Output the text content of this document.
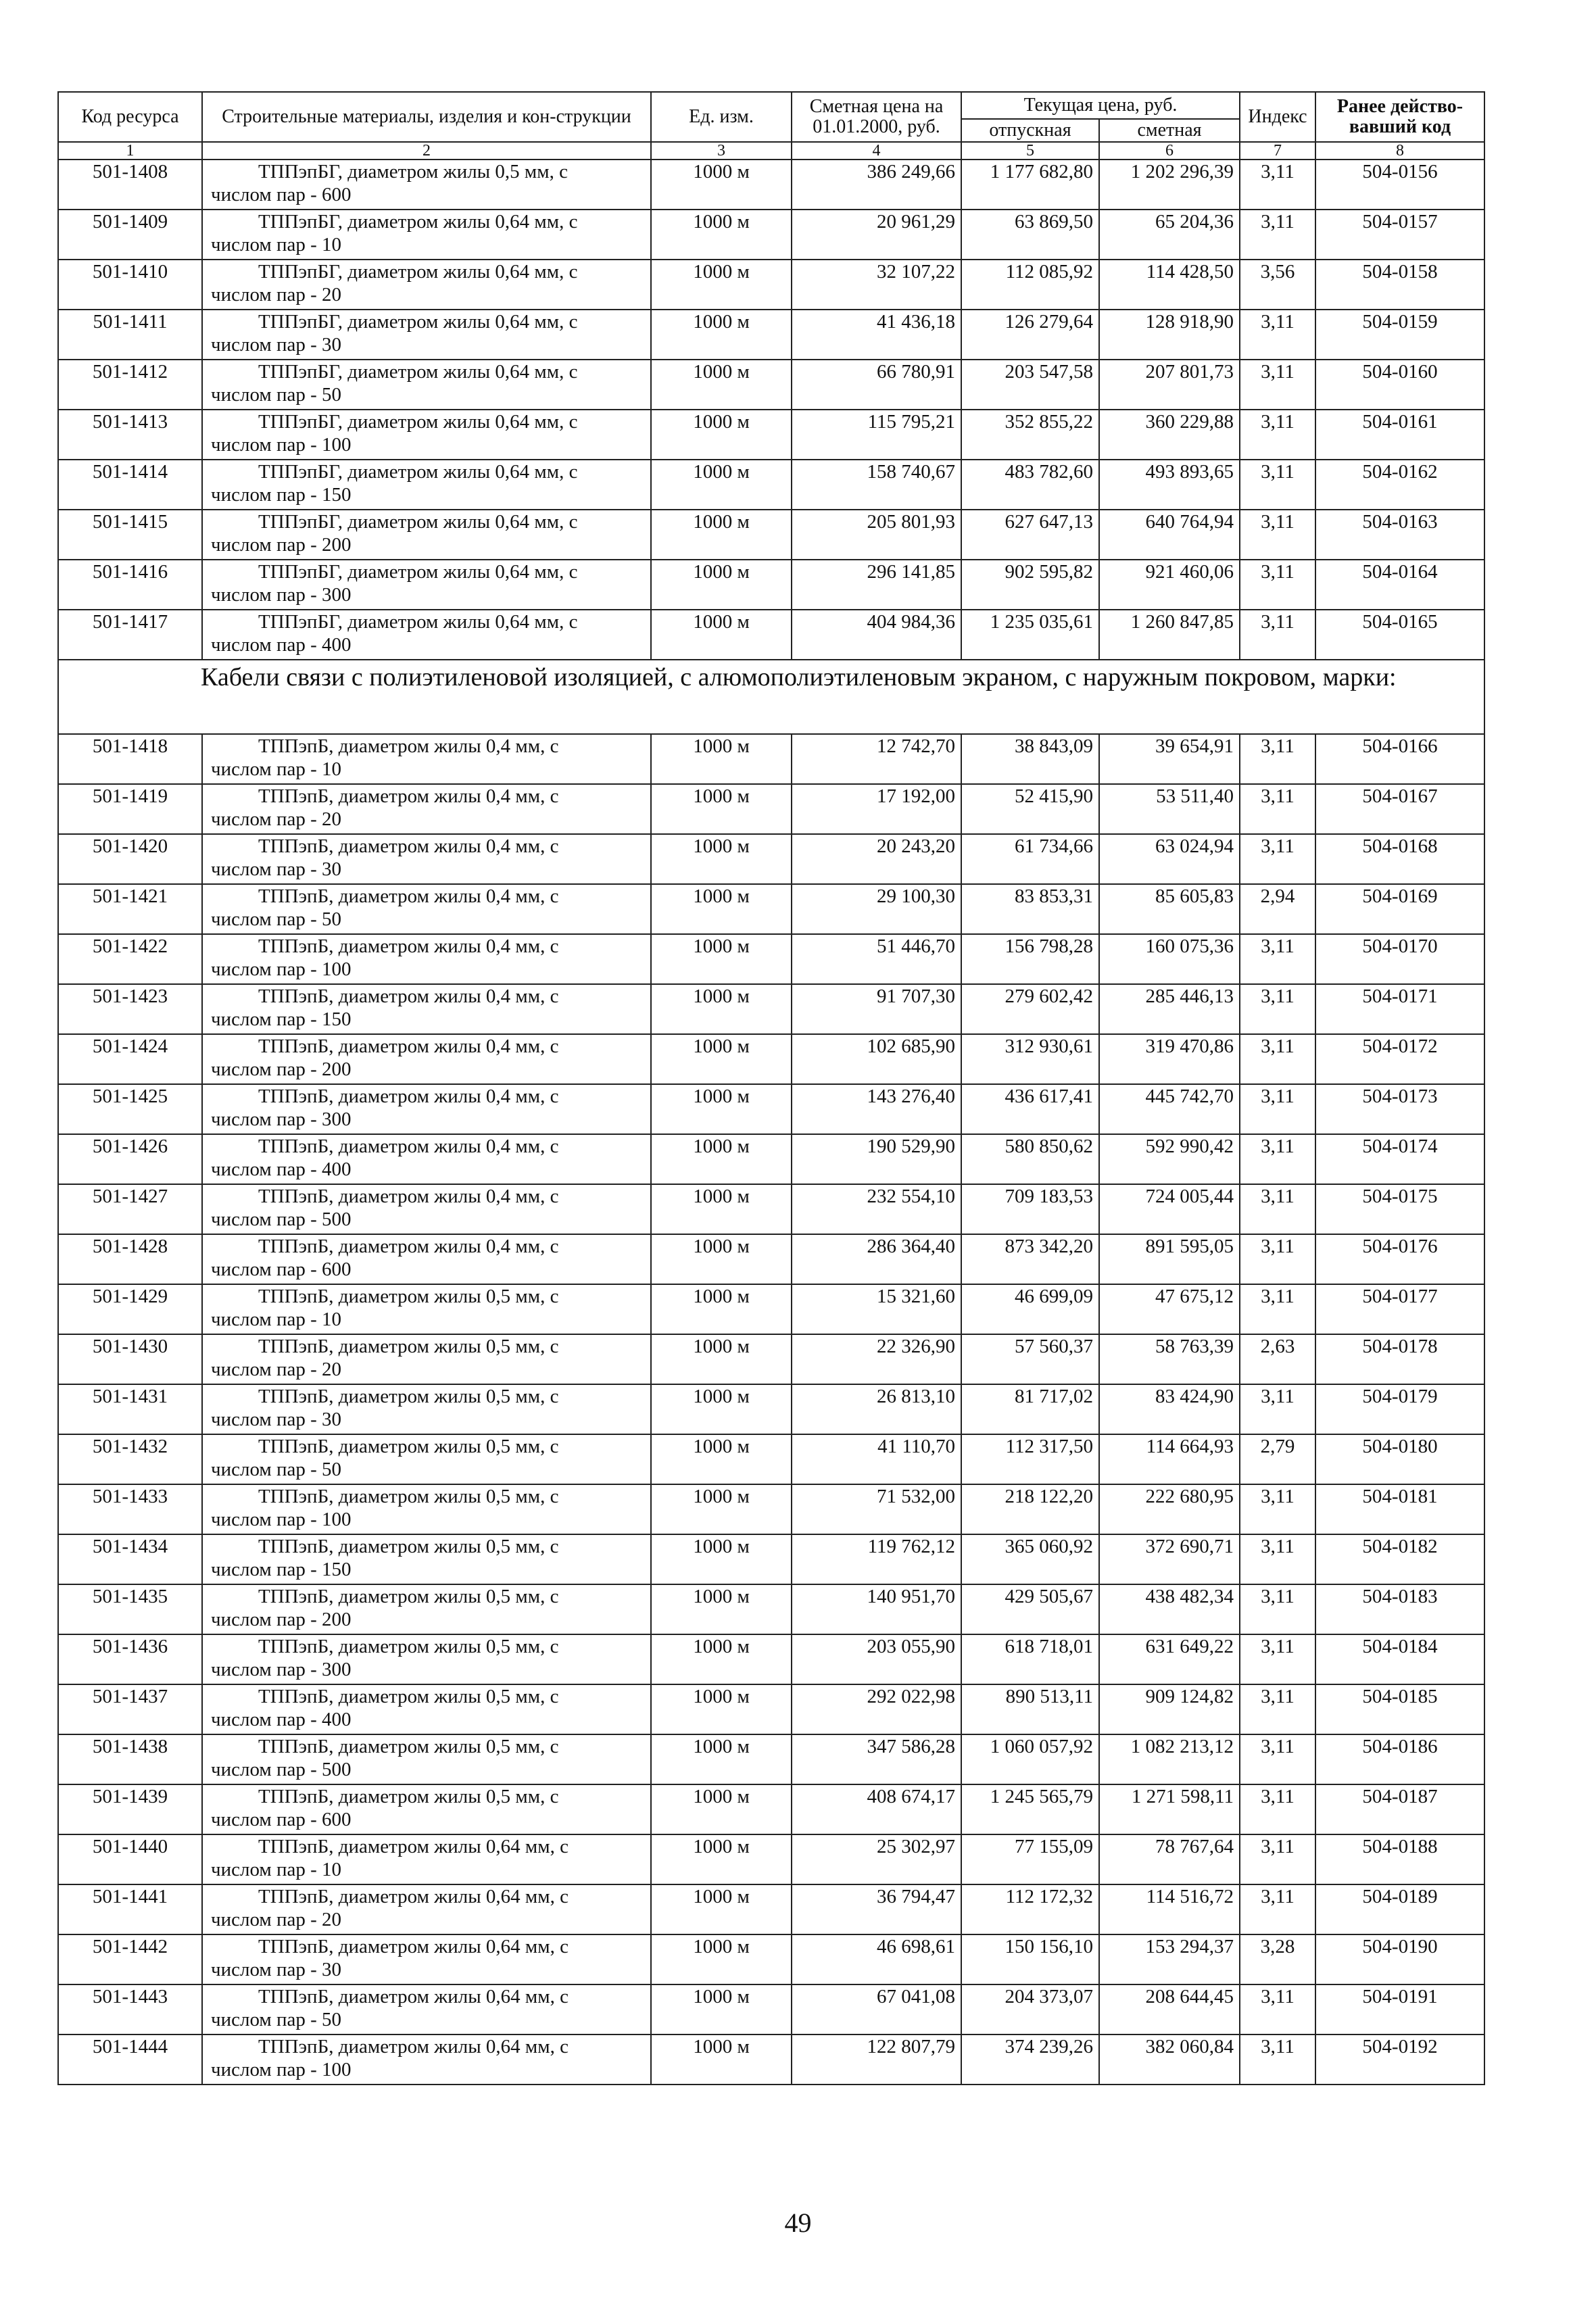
Код ресурса	Строительные материалы, изделия и кон-струкции	Ед. изм.	Сметная цена на 01.01.2000, руб.	Текущая цена, руб.		Индекс	Ранее действо-вавший код
				отпускная	сметная		
1	2	3	4	5	6	7	8
501-1408	ТППэпБГ, диаметром жилы 0,5 мм, с
числом пар - 600	1000 м	386 249,66	1 177 682,80	1 202 296,39	3,11	504-0156
501-1409	ТППэпБГ, диаметром жилы 0,64 мм, с
числом пар - 10	1000 м	20 961,29	63 869,50	65 204,36	3,11	504-0157
501-1410	ТППэпБГ, диаметром жилы 0,64 мм, с
числом пар - 20	1000 м	32 107,22	112 085,92	114 428,50	3,56	504-0158
501-1411	ТППэпБГ, диаметром жилы 0,64 мм, с
числом пар - 30	1000 м	41 436,18	126 279,64	128 918,90	3,11	504-0159
501-1412	ТППэпБГ, диаметром жилы 0,64 мм, с
числом пар - 50	1000 м	66 780,91	203 547,58	207 801,73	3,11	504-0160
501-1413	ТППэпБГ, диаметром жилы 0,64 мм, с
числом пар - 100	1000 м	115 795,21	352 855,22	360 229,88	3,11	504-0161
501-1414	ТППэпБГ, диаметром жилы 0,64 мм, с
числом пар - 150	1000 м	158 740,67	483 782,60	493 893,65	3,11	504-0162
501-1415	ТППэпБГ, диаметром жилы 0,64 мм, с
числом пар - 200	1000 м	205 801,93	627 647,13	640 764,94	3,11	504-0163
501-1416	ТППэпБГ, диаметром жилы 0,64 мм, с
числом пар - 300	1000 м	296 141,85	902 595,82	921 460,06	3,11	504-0164
501-1417	ТППэпБГ, диаметром жилы 0,64 мм, с
числом пар - 400	1000 м	404 984,36	1 235 035,61	1 260 847,85	3,11	504-0165
Кабели связи с полиэтиленовой изоляцией, с алюмополиэтиленовым экраном, с наружным покровом, марки:							
501-1418	ТППэпБ, диаметром жилы 0,4 мм, с
числом пар - 10	1000 м	12 742,70	38 843,09	39 654,91	3,11	504-0166
501-1419	ТППэпБ, диаметром жилы 0,4 мм, с
числом пар - 20	1000 м	17 192,00	52 415,90	53 511,40	3,11	504-0167
501-1420	ТППэпБ, диаметром жилы 0,4 мм, с
числом пар - 30	1000 м	20 243,20	61 734,66	63 024,94	3,11	504-0168
501-1421	ТППэпБ, диаметром жилы 0,4 мм, с
числом пар - 50	1000 м	29 100,30	83 853,31	85 605,83	2,94	504-0169
501-1422	ТППэпБ, диаметром жилы 0,4 мм, с
числом пар - 100	1000 м	51 446,70	156 798,28	160 075,36	3,11	504-0170
501-1423	ТППэпБ, диаметром жилы 0,4 мм, с
числом пар - 150	1000 м	91 707,30	279 602,42	285 446,13	3,11	504-0171
501-1424	ТППэпБ, диаметром жилы 0,4 мм, с
числом пар - 200	1000 м	102 685,90	312 930,61	319 470,86	3,11	504-0172
501-1425	ТППэпБ, диаметром жилы 0,4 мм, с
числом пар - 300	1000 м	143 276,40	436 617,41	445 742,70	3,11	504-0173
501-1426	ТППэпБ, диаметром жилы 0,4 мм, с
числом пар - 400	1000 м	190 529,90	580 850,62	592 990,42	3,11	504-0174
501-1427	ТППэпБ, диаметром жилы 0,4 мм, с
числом пар - 500	1000 м	232 554,10	709 183,53	724 005,44	3,11	504-0175
501-1428	ТППэпБ, диаметром жилы 0,4 мм, с
числом пар - 600	1000 м	286 364,40	873 342,20	891 595,05	3,11	504-0176
501-1429	ТППэпБ, диаметром жилы 0,5 мм, с
числом пар - 10	1000 м	15 321,60	46 699,09	47 675,12	3,11	504-0177
501-1430	ТППэпБ, диаметром жилы 0,5 мм, с
числом пар - 20	1000 м	22 326,90	57 560,37	58 763,39	2,63	504-0178
501-1431	ТППэпБ, диаметром жилы 0,5 мм, с
числом пар - 30	1000 м	26 813,10	81 717,02	83 424,90	3,11	504-0179
501-1432	ТППэпБ, диаметром жилы 0,5 мм, с
числом пар - 50	1000 м	41 110,70	112 317,50	114 664,93	2,79	504-0180
501-1433	ТППэпБ, диаметром жилы 0,5 мм, с
числом пар - 100	1000 м	71 532,00	218 122,20	222 680,95	3,11	504-0181
501-1434	ТППэпБ, диаметром жилы 0,5 мм, с
числом пар - 150	1000 м	119 762,12	365 060,92	372 690,71	3,11	504-0182
501-1435	ТППэпБ, диаметром жилы 0,5 мм, с
числом пар - 200	1000 м	140 951,70	429 505,67	438 482,34	3,11	504-0183
501-1436	ТППэпБ, диаметром жилы 0,5 мм, с
числом пар - 300	1000 м	203 055,90	618 718,01	631 649,22	3,11	504-0184
501-1437	ТППэпБ, диаметром жилы 0,5 мм, с
числом пар - 400	1000 м	292 022,98	890 513,11	909 124,82	3,11	504-0185
501-1438	ТППэпБ, диаметром жилы 0,5 мм, с
числом пар - 500	1000 м	347 586,28	1 060 057,92	1 082 213,12	3,11	504-0186
501-1439	ТППэпБ, диаметром жилы 0,5 мм, с
числом пар - 600	1000 м	408 674,17	1 245 565,79	1 271 598,11	3,11	504-0187
501-1440	ТППэпБ, диаметром жилы 0,64 мм, с
числом пар - 10	1000 м	25 302,97	77 155,09	78 767,64	3,11	504-0188
501-1441	ТППэпБ, диаметром жилы 0,64 мм, с
числом пар - 20	1000 м	36 794,47	112 172,32	114 516,72	3,11	504-0189
501-1442	ТППэпБ, диаметром жилы 0,64 мм, с
числом пар - 30	1000 м	46 698,61	150 156,10	153 294,37	3,28	504-0190
501-1443	ТППэпБ, диаметром жилы 0,64 мм, с
числом пар - 50	1000 м	67 041,08	204 373,07	208 644,45	3,11	504-0191
501-1444	ТППэпБ, диаметром жилы 0,64 мм, с
числом пар - 100	1000 м	122 807,79	374 239,26	382 060,84	3,11	504-0192
49
